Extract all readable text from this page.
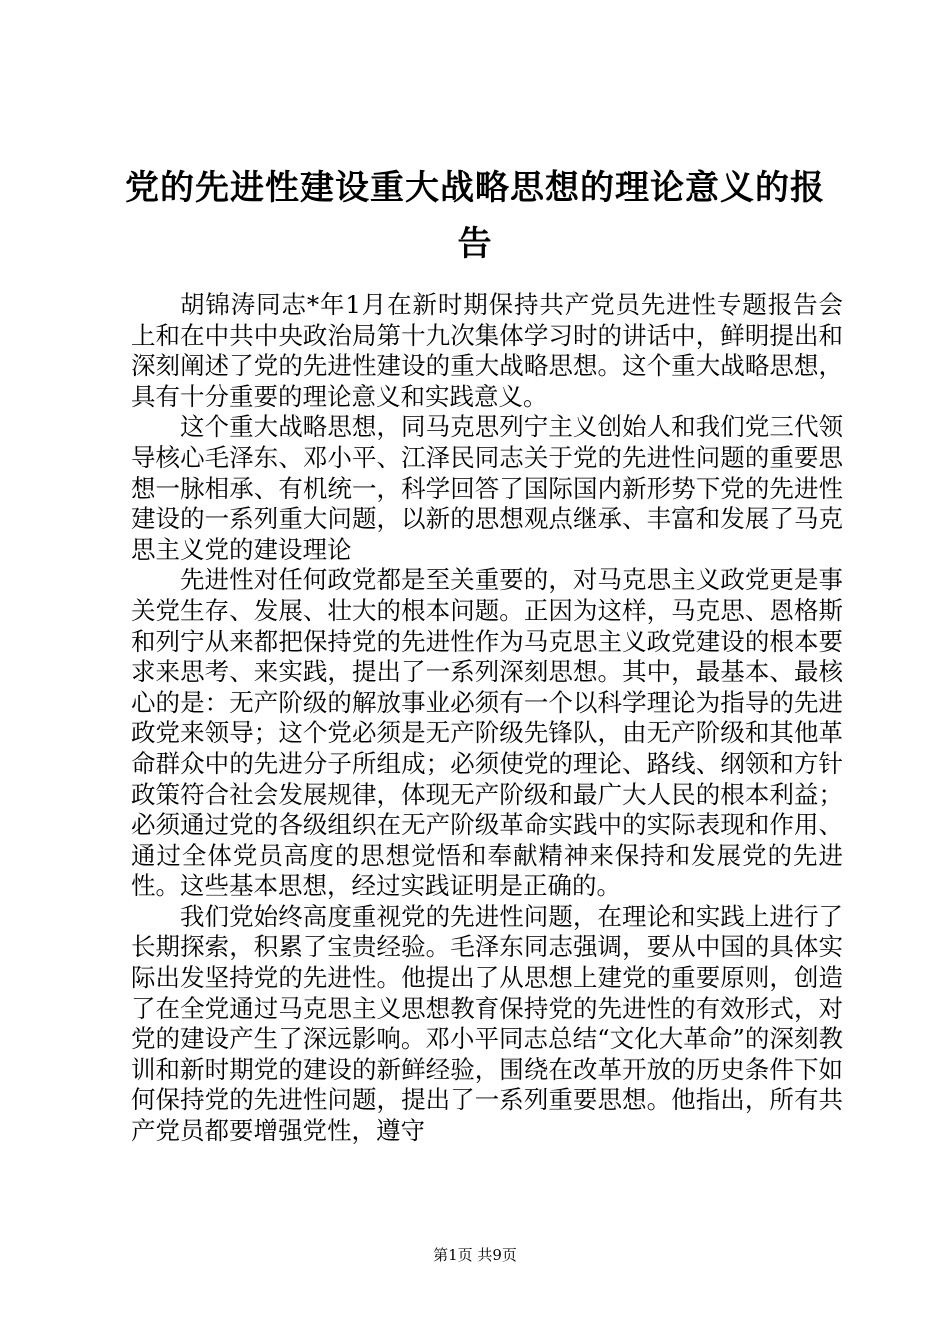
党的先进性建设重大战略思想的理论意义的报告

胡锦涛同志*年1月在新时期保持共产党员先进性专题报告会上和在中共中央政治局第十九次集体学习时的讲话中，鲜明提出和深刻阐述了党的先进性建设的重大战略思想。这个重大战略思想，具有十分重要的理论意义和实践意义。

这个重大战略思想，同马克思列宁主义创始人和我们党三代领导核心毛泽东、邓小平、江泽民同志关于党的先进性问题的重要思想一脉相承、有机统一，科学回答了国际国内新形势下党的先进性建设的一系列重大问题，以新的思想观点继承、丰富和发展了马克思主义党的建设理论

先进性对任何政党都是至关重要的，对马克思主义政党更是事关党生存、发展、壮大的根本问题。正因为这样，马克思、恩格斯和列宁从来都把保持党的先进性作为马克思主义政党建设的根本要求来思考、来实践，提出了一系列深刻思想。其中，最基本、最核心的是：无产阶级的解放事业必须有一个以科学理论为指导的先进政党来领导；这个党必须是无产阶级先锋队，由无产阶级和其他革命群众中的先进分子所组成；必须使党的理论、路线、纲领和方针政策符合社会发展规律，体现无产阶级和最广大人民的根本利益；必须通过党的各级组织在无产阶级革命实践中的实际表现和作用、通过全体党员高度的思想觉悟和奉献精神来保持和发展党的先进性。这些基本思想，经过实践证明是正确的。

我们党始终高度重视党的先进性问题，在理论和实践上进行了长期探索，积累了宝贵经验。毛泽东同志强调，要从中国的具体实际出发坚持党的先进性。他提出了从思想上建党的重要原则，创造了在全党通过马克思主义思想教育保持党的先进性的有效形式，对党的建设产生了深远影响。邓小平同志总结“文化大革命”的深刻教训和新时期党的建设的新鲜经验，围绕在改革开放的历史条件下如何保持党的先进性问题，提出了一系列重要思想。他指出，所有共产党员都要增强党性，遵守

第1页 共9页
